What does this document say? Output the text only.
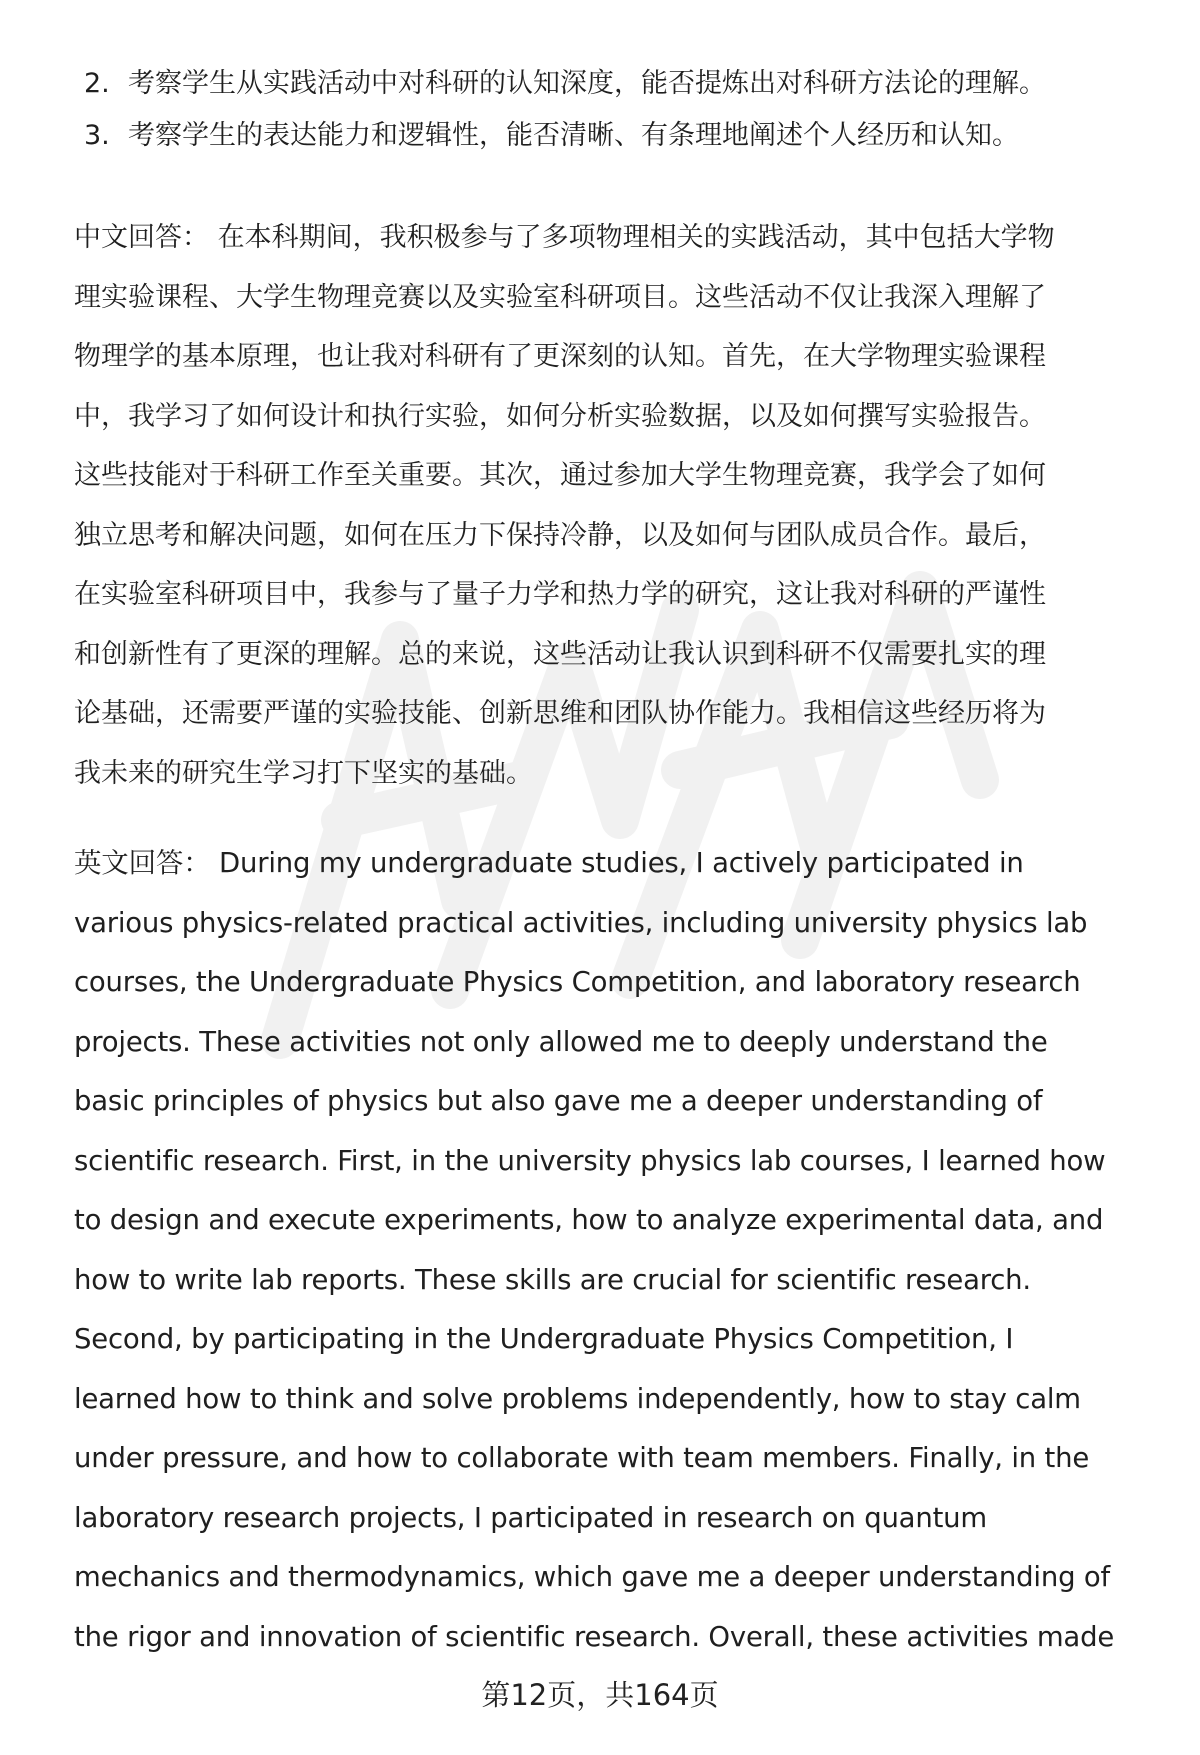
2. 考察学生从实践活动中对科研的认知深度，能否提炼出对科研方法论的理解。
3. 考察学生的表达能力和逻辑性，能否清晰、有条理地阐述个人经历和认知。
中文回答： 在本科期间，我积极参与了多项物理相关的实践活动，其中包括大学物
理实验课程、大学生物理竞赛以及实验室科研项目。这些活动不仅让我深入理解了
物理学的基本原理，也让我对科研有了更深刻的认知。首先，在大学物理实验课程
中，我学习了如何设计和执行实验，如何分析实验数据，以及如何撰写实验报告。
这些技能对于科研工作至关重要。其次，通过参加大学生物理竞赛，我学会了如何
独立思考和解决问题，如何在压力下保持冷静，以及如何与团队成员合作。最后，
在实验室科研项目中，我参与了量子力学和热力学的研究，这让我对科研的严谨性
和创新性有了更深的理解。总的来说，这些活动让我认识到科研不仅需要扎实的理
论基础，还需要严谨的实验技能、创新思维和团队协作能力。我相信这些经历将为
我未来的研究生学习打下坚实的基础。
英文回答： During my undergraduate studies, I actively participated in
various physics-related practical activities, including university physics lab
courses, the Undergraduate Physics Competition, and laboratory research
projects. These activities not only allowed me to deeply understand the
basic principles of physics but also gave me a deeper understanding of
scientific research. First, in the university physics lab courses, I learned how
to design and execute experiments, how to analyze experimental data, and
how to write lab reports. These skills are crucial for scientific research.
Second, by participating in the Undergraduate Physics Competition, I
learned how to think and solve problems independently, how to stay calm
under pressure, and how to collaborate with team members. Finally, in the
laboratory research projects, I participated in research on quantum
mechanics and thermodynamics, which gave me a deeper understanding of
the rigor and innovation of scientific research. Overall, these activities made
第12页，共164页
